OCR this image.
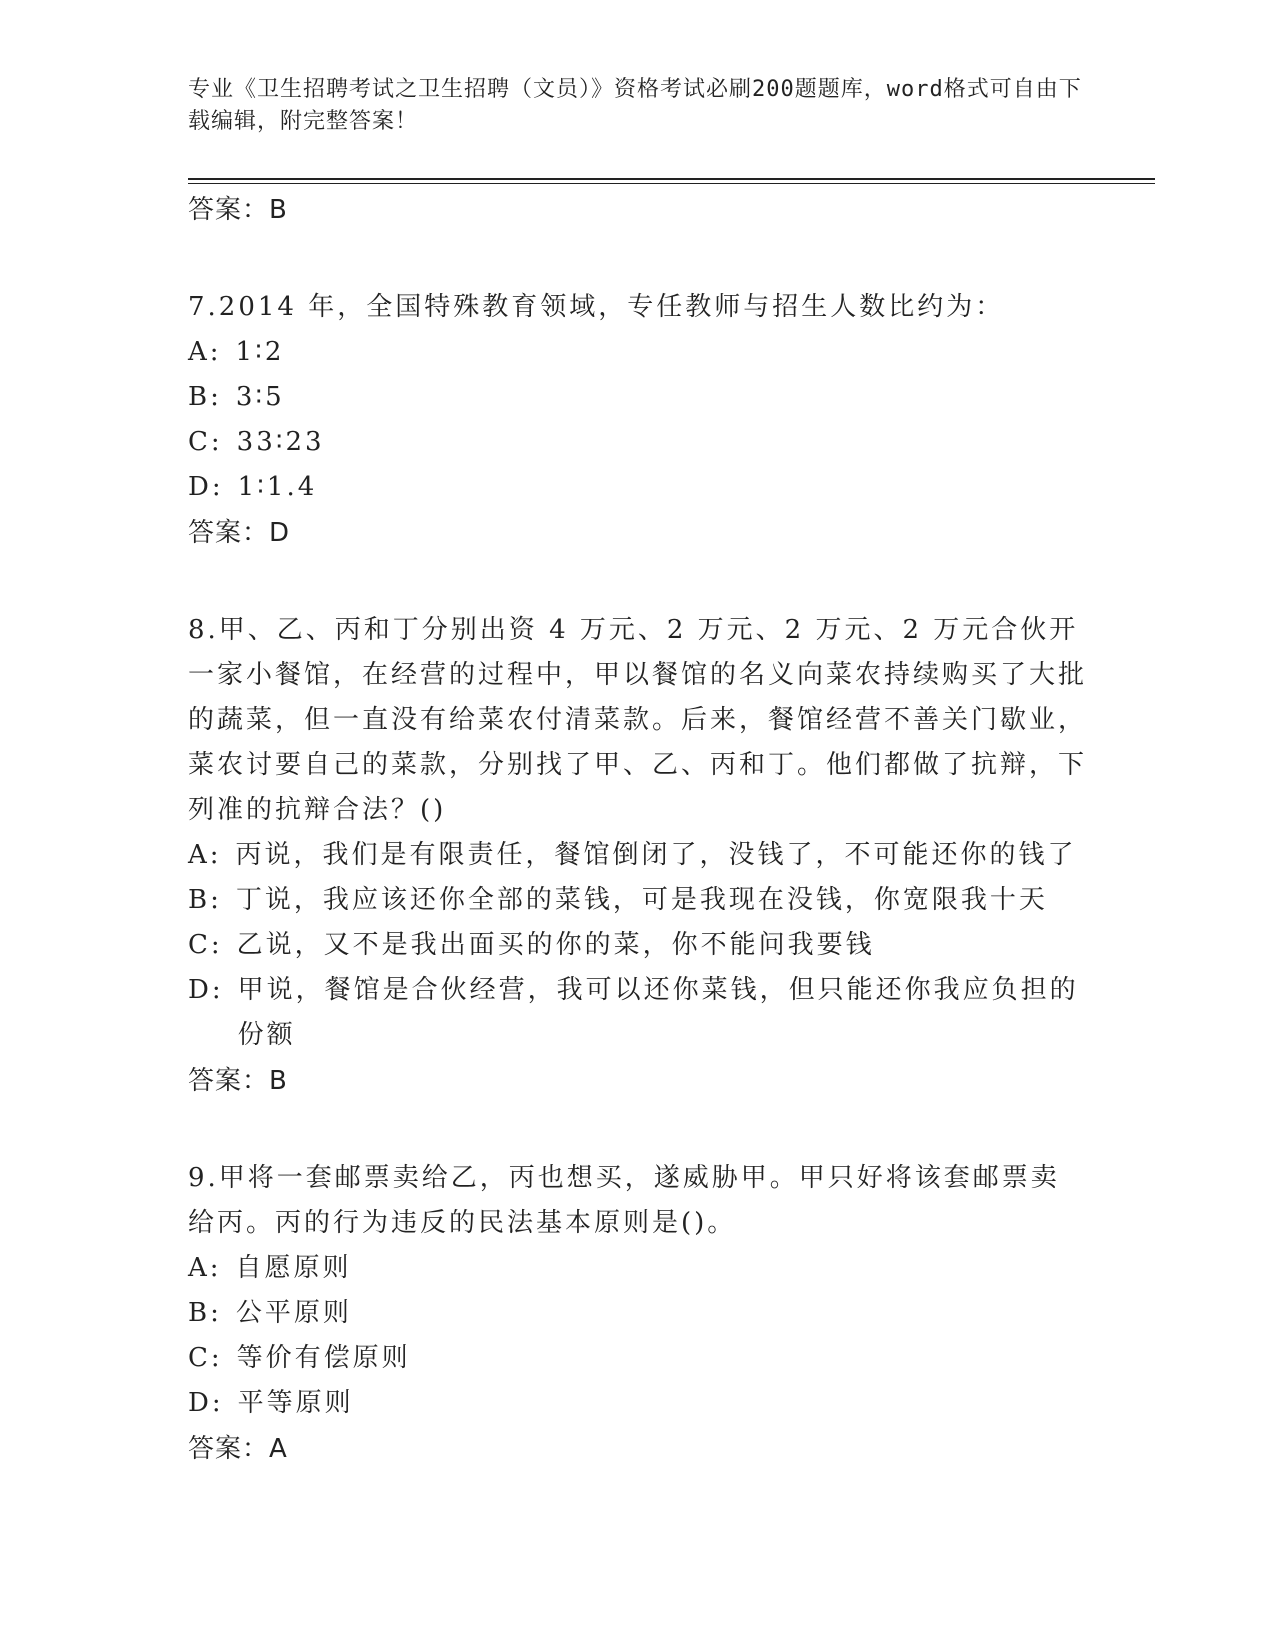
专业《卫生招聘考试之卫生招聘（文员）》资格考试必刷200题题库，word格式可自由下载编辑，附完整答案！

答案：B

7.2014 年，全国特殊教育领域，专任教师与招生人数比约为：

A: 1∶2
B: 3∶5
C: 33∶23
D: 1∶1.4

答案：D

8.甲、乙、丙和丁分别出资 4 万元、2 万元、2 万元、2 万元合伙开一家小餐馆，在经营的过程中，甲以餐馆的名义向菜农持续购买了大批的蔬菜，但一直没有给菜农付清菜款。后来，餐馆经营不善关门歇业，菜农讨要自己的菜款，分别找了甲、乙、丙和丁。他们都做了抗辩，下列准的抗辩合法？()

A: 丙说，我们是有限责任，餐馆倒闭了，没钱了，不可能还你的钱了
B: 丁说，我应该还你全部的菜钱，可是我现在没钱，你宽限我十天
C: 乙说，又不是我出面买的你的菜，你不能问我要钱
D: 甲说，餐馆是合伙经营，我可以还你菜钱，但只能还你我应负担的份额

答案：B

9.甲将一套邮票卖给乙，丙也想买，遂威胁甲。甲只好将该套邮票卖给丙。丙的行为违反的民法基本原则是()。

A: 自愿原则
B: 公平原则
C: 等价有偿原则
D: 平等原则

答案：A
